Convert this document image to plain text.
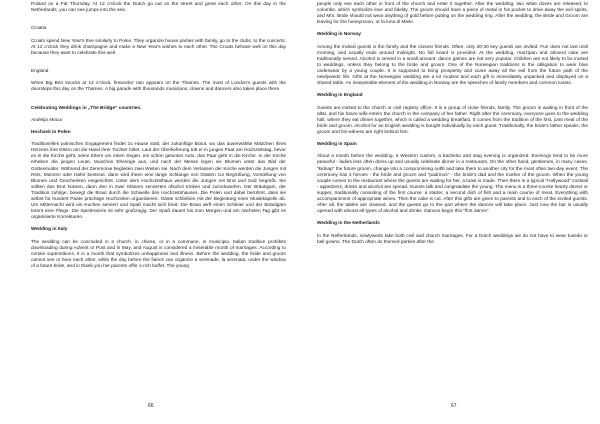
Poland on a Fat Thursday. At 12 o'clock the Dutch go out on the street and greet each other. On this day in the Netherlands, you can see jumps into the sea.

Croatia

Croats spend New Year's Eve similarly to Poles. They organize house parties with family, go to the clubs, to the concerts. At 12 o'clock they drink champagne and make a New Year's wishes to each other. The Croats behave well on this day because they want to celebrate this well.

England

When Big Ben knocks at 12 o'clock, fireworks' rain appears on the Thames. The most of London's guests with the doorsteps this day on the Thames. A big parade with thousands musicians, clowns and dancers also takes place there.

Celebrating Weddings in „The Bridge" countries.

Andelija Mocur

Hochzeit in Polen

Traditionelles polnisches Engagement findet zu Hause statt, der zukünftige Braut, wo das auserwählte Mädchen ihres Herzens ihre Eltern um die Hand ihrer Tochter bittet. Laut der Überlieferung tritt er in junges Paar am Hochzeitstag, bevor es in die Kirche geht, seine Eltern um einen Segen. ein schön getuntes Auto, das Paar geht in die Kirche. In der Kirche erheben die jungen Leute, tauschen Eheringe aus, und nach der Messe legen sie Blumen unter das Bild der Gottesmutter. Während der Zeremonie begleiten zwei Weiten sie. Nach dem Verlassen der Kirche werden die Jungen mit Reis, Münzen oder Hafer bestreut. dann wird ihnen eine lange Schlange von Gästen zur Begrüßung, Vorstellung von Blumen und Geschenken eingerichtet. Unter dem Hochzeitshaus werden die Jungen mit Brot und Salz begrüßt. Sie sollten das Brot küssen, dann den in zwei Gläsern servierten Alkohol trinken und zurückwerfen. Der Bräutigam, der Tradition zufolge, bewegt die Braut durch die Schwelle des Hochzeitshauses. Die Polen und dabei berühmt, dass sie selbst für hundert Paare prächtige Hochzeiten organisieren. Gäste schließen mit der Begleitung einer Musikkapelle ab. Um Mitternacht wird ein Kuchen serviert und Spaß macht sich breit. Die Braut wirft einen Schleier und der Bräutigam trennt eine Fliege. Die Spielesserie ist sehr großzügig. Der Spaß dauert bis zum Morgen und am nächsten Tag gibt es organisierte Korrekturen.

Wedding in Italy

The wedding can be concluded in a church, in chiesa, or in a commune, in municipio. Italian tradition prohibits downloading during Advent or Post and in May, and August is considered a miserable month of marriages. According to certain superstitions, it is a month that symbolizes unhappiness and illness. Before the wedding, the bride and groom cannot see or hear each other, while the day before the fiancé can organize a serenade, la serenata, under the window of a future bride, and in thank you her parents offer a rich buffet. The young

66

people only see each other in front of the church and enter it together. After the wedding, two white doves are released, le colombe, which symbolize love and fidelity. The groom should have a piece of metal in his pocket to drive away the evil spirits, and Mrs. Bride should not wear anything of gold before putting on the wedding ring. After the wedding, the Bride and Groom are leaving for the honeymoon, or la luna di Miele.

Wedding in Norway

Among the invited guests is the family and the closest friends. Often, only 20-30 key guests are invited. Fun does not last until morning, and usually ends around midnight. No full board is provided. At the wedding, marzipan and almond cake are traditionally served. Alcohol is served in a small amount: dance games are not very popular. Children are not likely to be invited to weddings, unless they belong to the bride and groom. One of the Norwegian traditions is the obligation to wear blue underwear by a young couple. It is supposed to bring prosperity and scare away all the evil from the future path of the newlyweds' life. Gifts at the Norwegian wedding are a lot modest and each gift is immediately unpacked and displayed on a shared table. An inseparable element of the wedding in Norway are the speeches of family members and common toasts.

Wedding in England

Guests are invited to the church or civil registry office. It is a group of close friends, family. The groom is waiting in front of the altar, and his future wife enters the church in the company of her father. Right after the ceremony, everyone goes to the wedding hall, where they eat dinner together, which is called a wedding breakfast. It comes from the tradition of the first, joint meal of the bride and groom. Alcohol for an English wedding is bought individually by each guest. Traditionally, the bride's father speaks, the groom and his witness are right behind him.

Wedding in Spain

About a month before the wedding, a Western custom, a bachelor and stag evening is organized. Evenings tend to be more peaceful - ladies less often dress up and usually celebrate dinner in a restaurant. On the other hand, gentlemen, in many cases, "kidnap" the future groom, change into a compromising outfit and take them to another city for the most often two-day event. The ceremony has 4 heroes - the bride and groom and "padrinos" - the bride's dad and the mother of the groom. When the young couple comes to the restaurant where the guests are waiting for her, a toast is made. Then there is a typical "Hollywood" cocktail - appetizers, drinks and alcohol are spread. Guests talk and congratulate the young. The menu is a three-course hearty dinner or supper, traditionally consisting of the first course: a starter, a second dish of fish and a main course of meat. Everything with accompaniment of appropriate wines. Then the cake is cut. After this gifts are given to parents and to each of the invited guests. After all, the tables are cleaned, and the guests go to the part where the dances will take place. Just now the bar is usually opened with almost all types of alcohol and drinks. Dances begin this "first dance"

Wedding in the Netherlands

In the Netherlands, newlyweds take both civil and church marriages. For a Dutch weddings we do not have to wear tuxedo or ball gowns. The Dutch often do themed parties after the

67
